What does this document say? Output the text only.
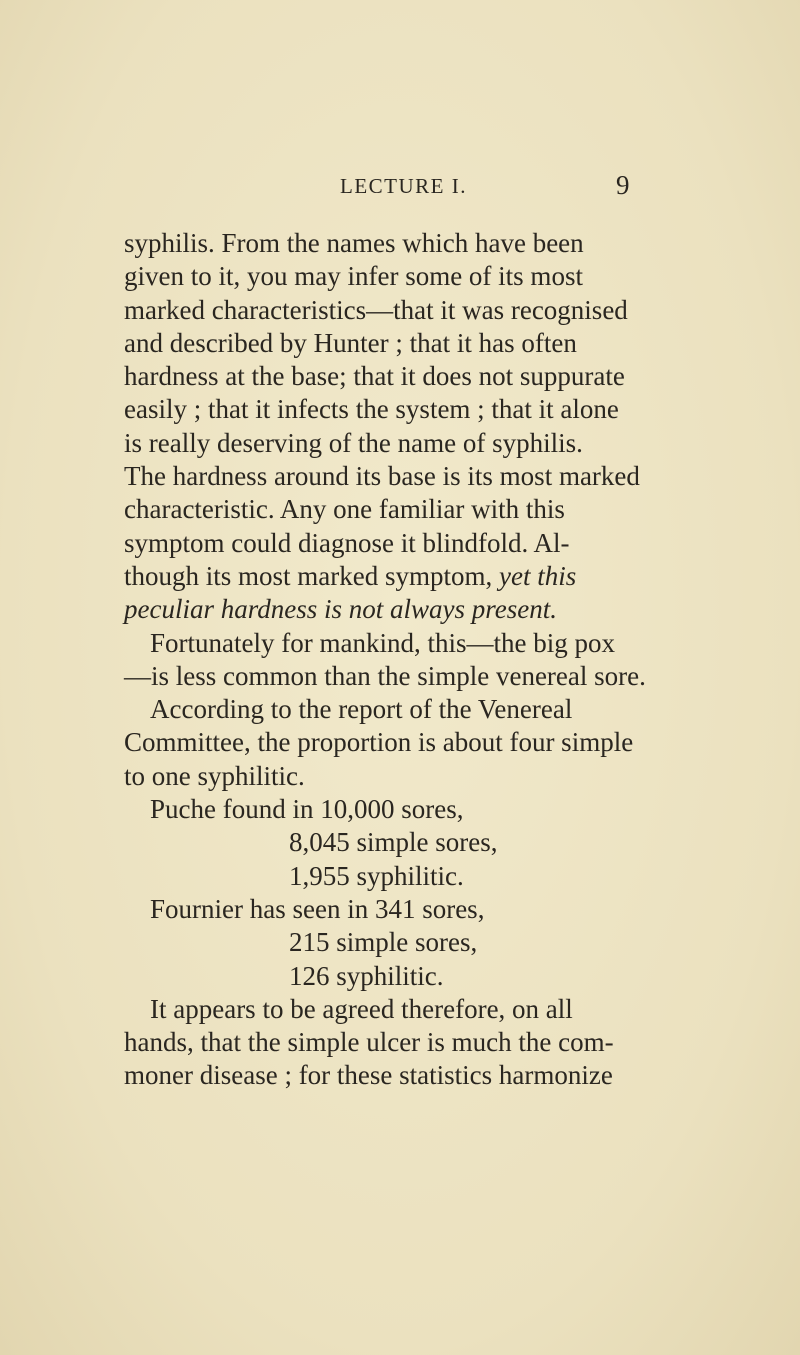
LECTURE I.	9
syphilis. From the names which have been
given to it, you may infer some of its most
marked characteristics—that it was recognised
and described by Hunter ; that it has often
hardness at the base; that it does not suppurate
easily ; that it infects the system ; that it alone
is really deserving of the name of syphilis.
The hardness around its base is its most marked
characteristic. Any one familiar with this
symptom could diagnose it blindfold. Al-
though its most marked symptom, yet this
peculiar hardness is not always present.
Fortunately for mankind, this—the big pox
—is less common than the simple venereal sore.
According to the report of the Venereal
Committee, the proportion is about four simple
to one syphilitic.
Puche found in 10,000 sores,
8,045 simple sores,
1,955 syphilitic.
Fournier has seen in 341 sores,
215 simple sores,
126 syphilitic.
It appears to be agreed therefore, on all
hands, that the simple ulcer is much the com-
moner disease ; for these statistics harmonize
